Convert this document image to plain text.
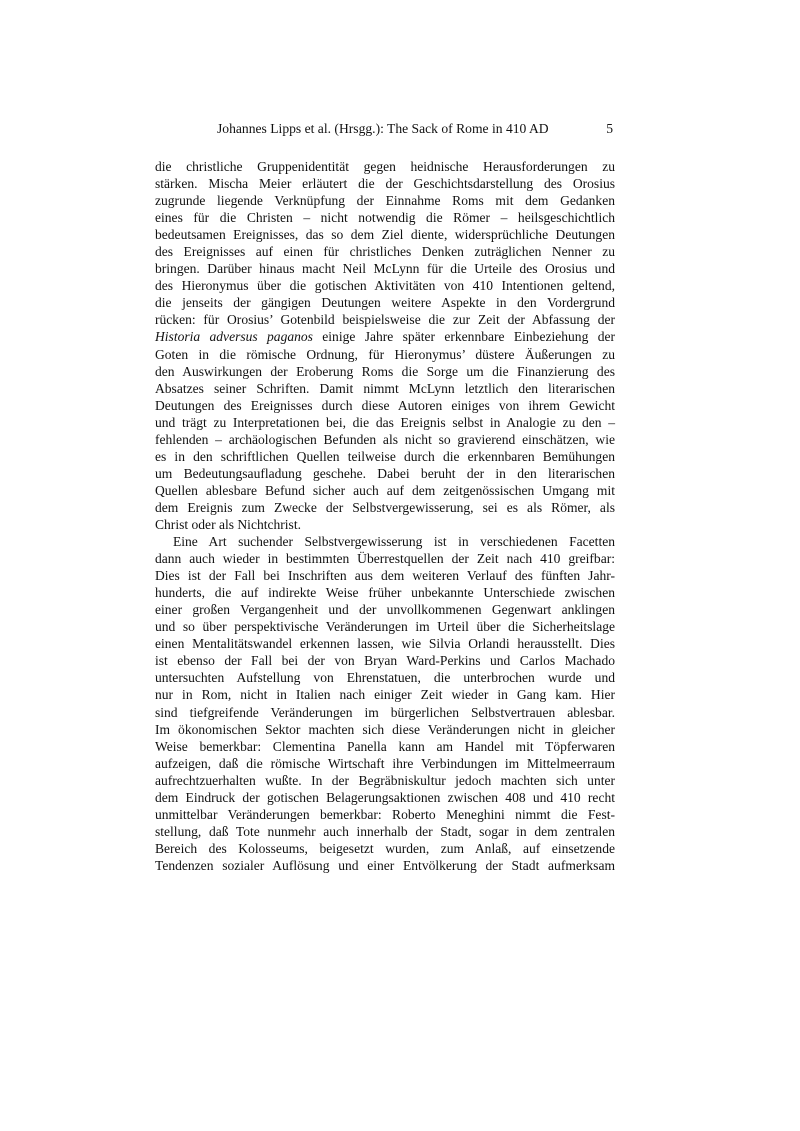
Johannes Lipps et al. (Hrsgg.): The Sack of Rome in 410 AD	5
die christliche Gruppenidentität gegen heidnische Herausforderungen zu
stärken. Mischa Meier erläutert die der Geschichtsdarstellung des Orosius
zugrunde liegende Verknüpfung der Einnahme Roms mit dem Gedanken
eines für die Christen – nicht notwendig die Römer – heilsgeschichtlich
bedeutsamen Ereignisses, das so dem Ziel diente, widersprüchliche Deutungen
des Ereignisses auf einen für christliches Denken zuträglichen Nenner zu
bringen. Darüber hinaus macht Neil McLynn für die Urteile des Orosius und
des Hieronymus über die gotischen Aktivitäten von 410 Intentionen geltend,
die jenseits der gängigen Deutungen weitere Aspekte in den Vordergrund
rücken: für Orosius’ Gotenbild beispielsweise die zur Zeit der Abfassung der
Historia adversus paganos einige Jahre später erkennbare Einbeziehung der
Goten in die römische Ordnung, für Hieronymus’ düstere Äußerungen zu
den Auswirkungen der Eroberung Roms die Sorge um die Finanzierung des
Absatzes seiner Schriften. Damit nimmt McLynn letztlich den literarischen
Deutungen des Ereignisses durch diese Autoren einiges von ihrem Gewicht
und trägt zu Interpretationen bei, die das Ereignis selbst in Analogie zu den –
fehlenden – archäologischen Befunden als nicht so gravierend einschätzen, wie
es in den schriftlichen Quellen teilweise durch die erkennbaren Bemühungen
um Bedeutungsaufladung geschehe. Dabei beruht der in den literarischen
Quellen ablesbare Befund sicher auch auf dem zeitgenössischen Umgang mit
dem Ereignis zum Zwecke der Selbstvergewisserung, sei es als Römer, als
Christ oder als Nichtchrist.
Eine Art suchender Selbstvergewisserung ist in verschiedenen Facetten
dann auch wieder in bestimmten Überrestquellen der Zeit nach 410 greifbar:
Dies ist der Fall bei Inschriften aus dem weiteren Verlauf des fünften Jahr-
hunderts, die auf indirekte Weise früher unbekannte Unterschiede zwischen
einer großen Vergangenheit und der unvollkommenen Gegenwart anklingen
und so über perspektivische Veränderungen im Urteil über die Sicherheitslage
einen Mentalitätswandel erkennen lassen, wie Silvia Orlandi herausstellt. Dies
ist ebenso der Fall bei der von Bryan Ward-Perkins und Carlos Machado
untersuchten Aufstellung von Ehrenstatuen, die unterbrochen wurde und
nur in Rom, nicht in Italien nach einiger Zeit wieder in Gang kam. Hier
sind tiefgreifende Veränderungen im bürgerlichen Selbstvertrauen ablesbar.
Im ökonomischen Sektor machten sich diese Veränderungen nicht in gleicher
Weise bemerkbar: Clementina Panella kann am Handel mit Töpferwaren
aufzeigen, daß die römische Wirtschaft ihre Verbindungen im Mittelmeerraum
aufrechtzuerhalten wußte. In der Begräbniskultur jedoch machten sich unter
dem Eindruck der gotischen Belagerungsaktionen zwischen 408 und 410 recht
unmittelbar Veränderungen bemerkbar: Roberto Meneghini nimmt die Fest-
stellung, daß Tote nunmehr auch innerhalb der Stadt, sogar in dem zentralen
Bereich des Kolosseums, beigesetzt wurden, zum Anlaß, auf einsetzende
Tendenzen sozialer Auflösung und einer Entvölkerung der Stadt aufmerksam
